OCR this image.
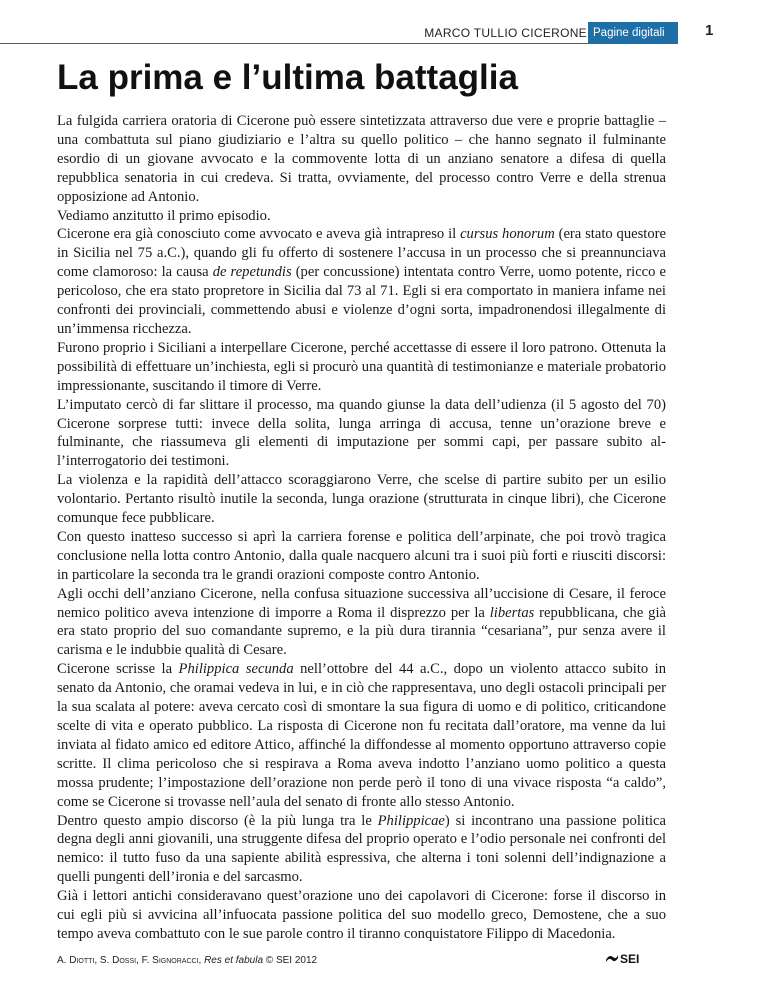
MARCO TULLIO CICERONE Pagine digitali	1
La prima e l’ultima battaglia

La fulgida carriera oratoria di Cicerone può essere sintetizzata attraverso due vere e proprie battaglie – una combattuta sul piano giudiziario e l’altra su quello politico – che hanno segnato il fulminante esordio di un giovane avvocato e la commovente lotta di un anziano senatore a difesa di quella repubblica senatoria in cui credeva. Si tratta, ovviamente, del processo contro Verre e della strenua opposizione ad Antonio.

Vediamo anzitutto il primo episodio.

Cicerone era già conosciuto come avvocato e aveva già intrapreso il cursus honorum (era stato questore in Sicilia nel 75 a.C.), quando gli fu offerto di sostenere l’accusa in un processo che si preannunciava come clamoroso: la causa de repetundis (per concussione) intentata contro Verre, uomo potente, ricco e pericoloso, che era stato propretore in Sicilia dal 73 al 71. Egli si era comportato in maniera infame nei confronti dei provinciali, commettendo abusi e violenze d’ogni sorta, impadronendosi illegalmente di un’immensa ricchezza.

Furono proprio i Siciliani a interpellare Cicerone, perché accettasse di essere il loro patrono. Ottenuta la possibilità di effettuare un’inchiesta, egli si procurò una quantità di testimonianze e materiale probatorio impressionante, suscitando il timore di Verre.

L’imputato cercò di far slittare il processo, ma quando giunse la data dell’udienza (il 5 agosto del 70) Cicerone sorprese tutti: invece della solita, lunga arringa di accusa, tenne un’orazione breve e fulminante, che riassumeva gli elementi di imputazione per sommi capi, per passare subito all’interrogatorio dei testimoni.

La violenza e la rapidità dell’attacco scoraggiarono Verre, che scelse di partire subito per un esilio volontario. Pertanto risultò inutile la seconda, lunga orazione (strutturata in cinque libri), che Cicerone comunque fece pubblicare.

Con questo inatteso successo si aprì la carriera forense e politica dell’arpinate, che poi trovò tragica conclusione nella lotta contro Antonio, dalla quale nacquero alcuni tra i suoi più forti e riusciti discorsi: in particolare la seconda tra le grandi orazioni composte contro Antonio.

Agli occhi dell’anziano Cicerone, nella confusa situazione successiva all’uccisione di Cesare, il feroce nemico politico aveva intenzione di imporre a Roma il disprezzo per la libertas repubblicana, che già era stato proprio del suo comandante supremo, e la più dura tirannia “cesariana”, pur senza avere il carisma e le indubbie qualità di Cesare.

Cicerone scrisse la Philippica secunda nell’ottobre del 44 a.C., dopo un violento attacco subito in senato da Antonio, che oramai vedeva in lui, e in ciò che rappresentava, uno degli ostacoli principali per la sua scalata al potere: aveva cercato così di smontare la sua figura di uomo e di politico, criticandone scelte di vita e operato pubblico. La risposta di Cicerone non fu recitata dall’oratore, ma venne da lui inviata al fidato amico ed editore Attico, affinché la diffondesse al momento opportuno attraverso copie scritte. Il clima pericoloso che si respirava a Roma aveva indotto l’anziano uomo politico a questa mossa prudente; l’impostazione dell’orazione non perde però il tono di una vivace risposta “a caldo”, come se Cicerone si trovasse nell’aula del senato di fronte allo stesso Antonio.

Dentro questo ampio discorso (è la più lunga tra le Philippicae) si incontrano una passione politica degna degli anni giovanili, una struggente difesa del proprio operato e l’odio personale nei confronti del nemico: il tutto fuso da una sapiente abilità espressiva, che alterna i toni solenni dell’indignazione a quelli pungenti dell’ironia e del sarcasmo.

Già i lettori antichi consideravano quest’orazione uno dei capolavori di Cicerone: forse il discorso in cui egli più si avvicina all’infuocata passione politica del suo modello greco, Demostene, che a suo tempo aveva combattuto con le sue parole contro il tiranno conquistatore Filippo di Macedonia.

A. Diotti, S. Dossi, F. Signoracci, Res et fabula © SEI 2012	SEI
